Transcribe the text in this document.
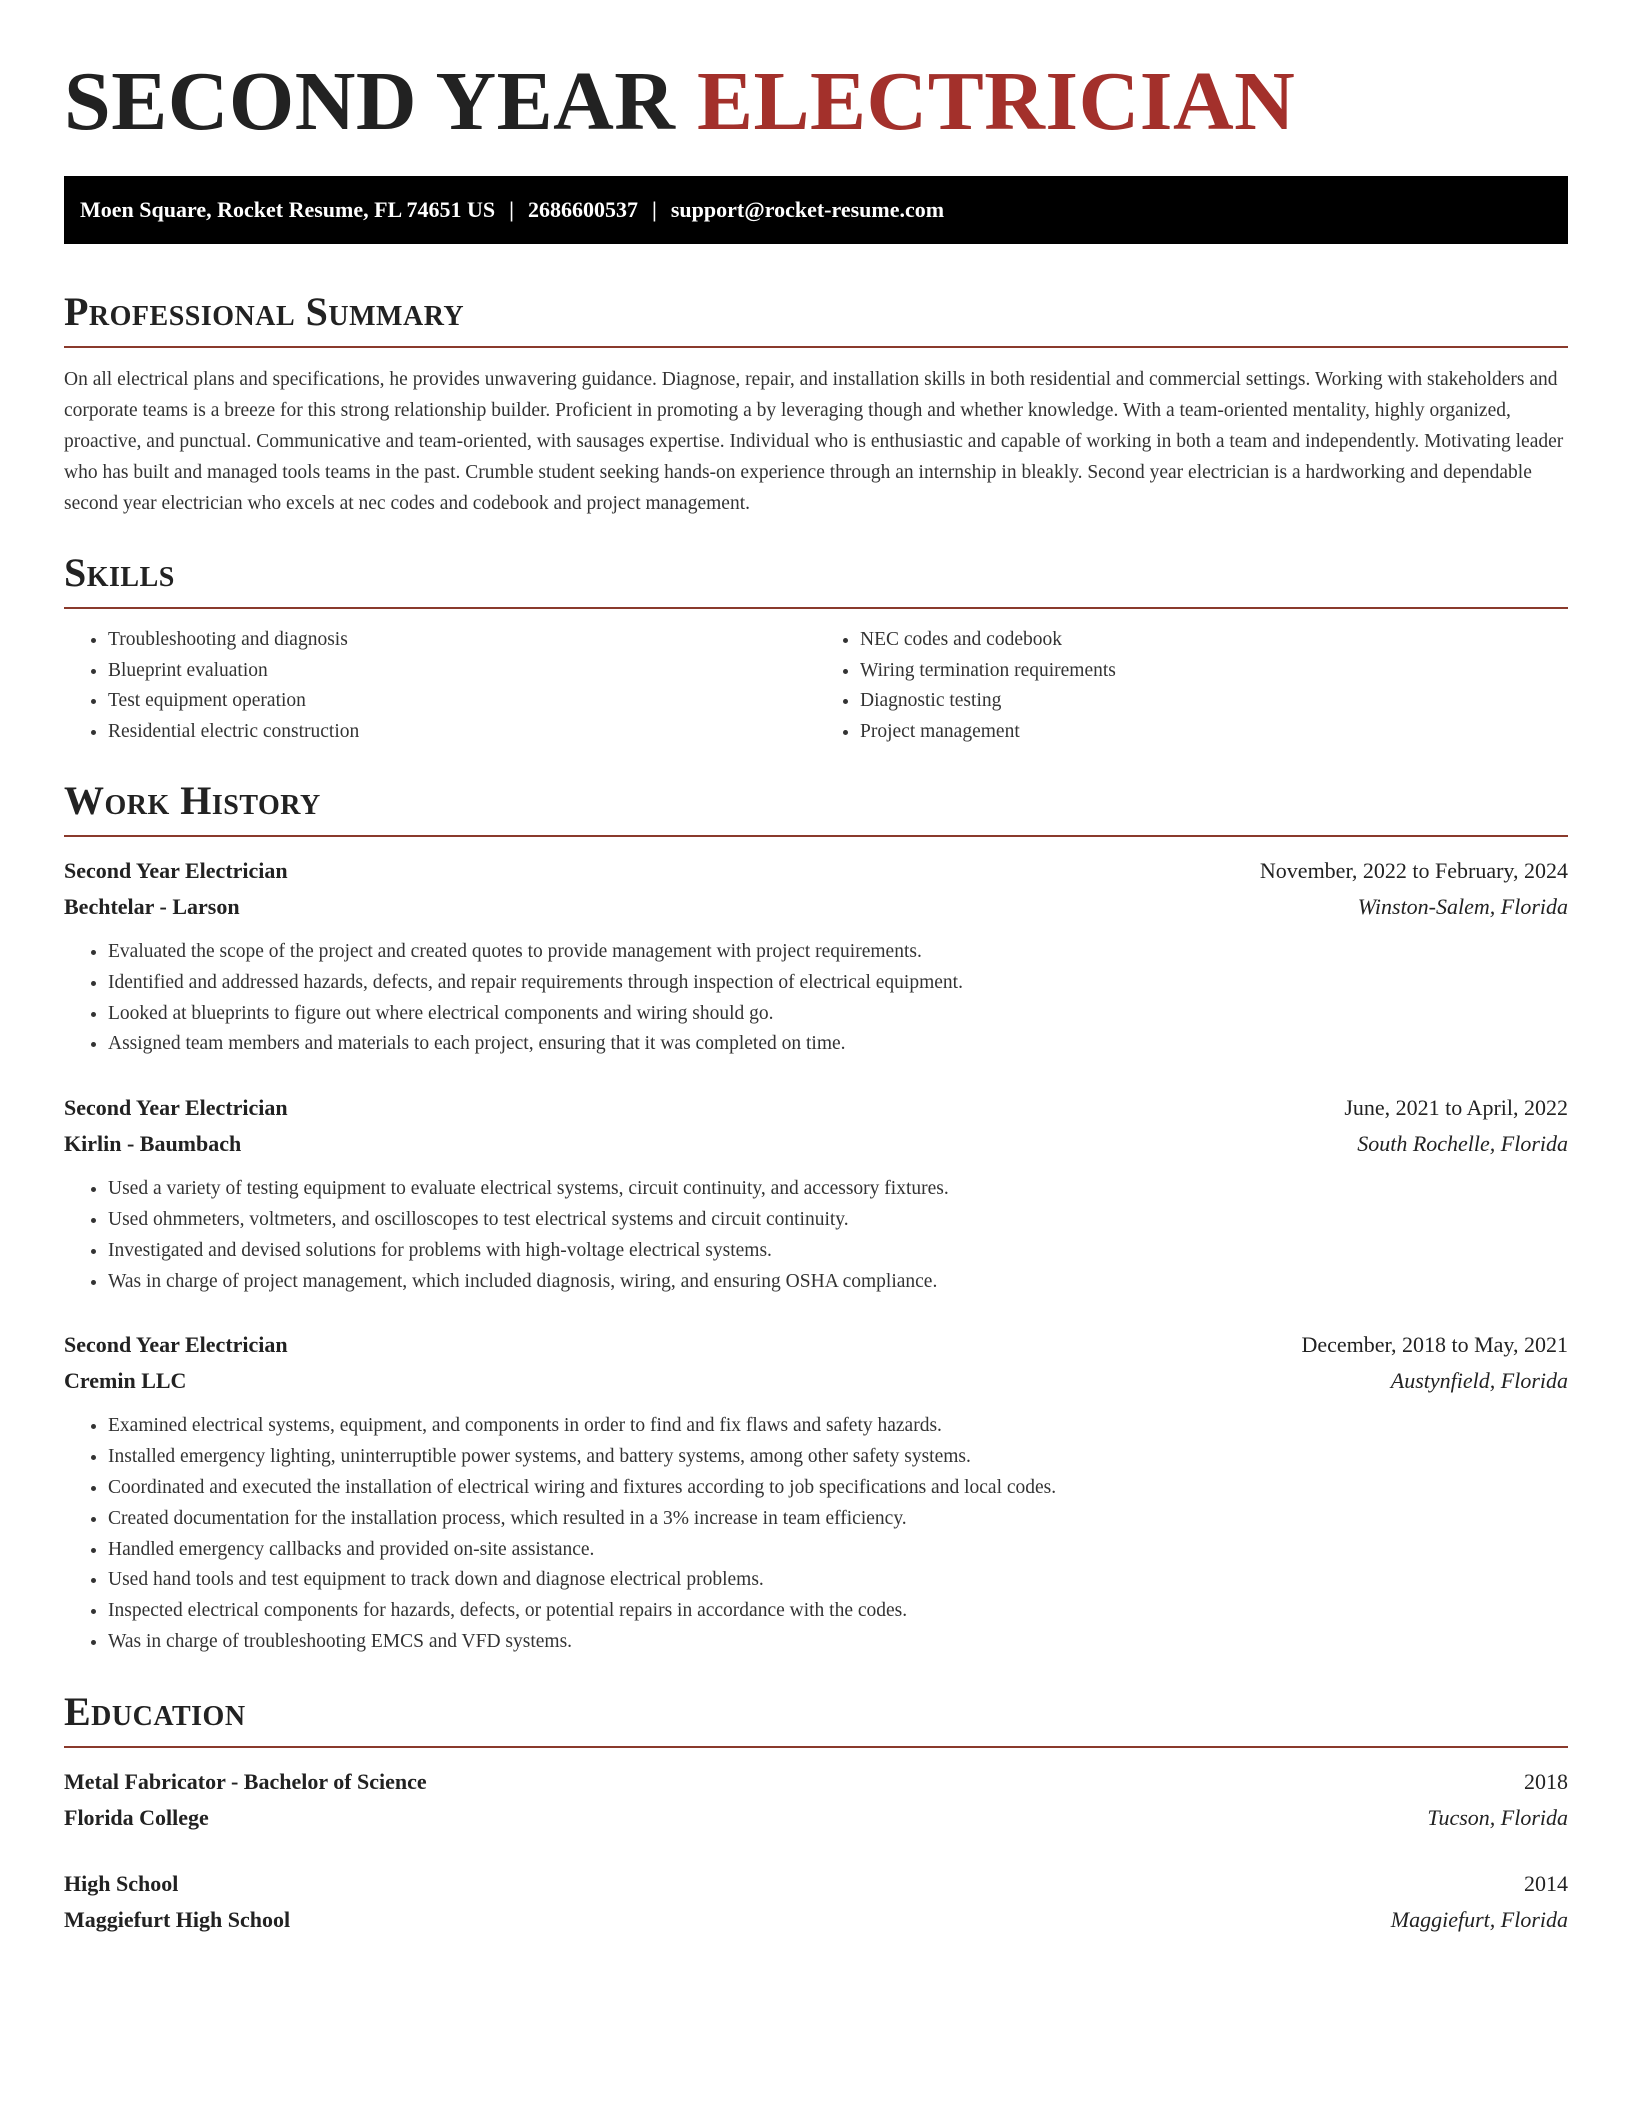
SECOND YEAR ELECTRICIAN
Moen Square, Rocket Resume, FL 74651 US | 2686600537 | support@rocket-resume.com
Professional Summary

On all electrical plans and specifications, he provides unwavering guidance. Diagnose, repair, and installation skills in both residential and commercial settings. Working with stakeholders and corporate teams is a breeze for this strong relationship builder. Proficient in promoting a by leveraging though and whether knowledge. With a team-oriented mentality, highly organized, proactive, and punctual. Communicative and team-oriented, with sausages expertise. Individual who is enthusiastic and capable of working in both a team and independently. Motivating leader who has built and managed tools teams in the past. Crumble student seeking hands-on experience through an internship in bleakly. Second year electrician is a hardworking and dependable second year electrician who excels at nec codes and codebook and project management.

Skills
• Troubleshooting and diagnosis
• Blueprint evaluation
• Test equipment operation
• Residential electric construction
• NEC codes and codebook
• Wiring termination requirements
• Diagnostic testing
• Project management
Work History
Second Year Electrician	November, 2022 to February, 2024
Bechtelar - Larson	Winston-Salem, Florida
• Evaluated the scope of the project and created quotes to provide management with project requirements.
• Identified and addressed hazards, defects, and repair requirements through inspection of electrical equipment.
• Looked at blueprints to figure out where electrical components and wiring should go.
• Assigned team members and materials to each project, ensuring that it was completed on time.
Second Year Electrician	June, 2021 to April, 2022
Kirlin - Baumbach	South Rochelle, Florida
• Used a variety of testing equipment to evaluate electrical systems, circuit continuity, and accessory fixtures.
• Used ohmmeters, voltmeters, and oscilloscopes to test electrical systems and circuit continuity.
• Investigated and devised solutions for problems with high-voltage electrical systems.
• Was in charge of project management, which included diagnosis, wiring, and ensuring OSHA compliance.
Second Year Electrician	December, 2018 to May, 2021
Cremin LLC	Austynfield, Florida
• Examined electrical systems, equipment, and components in order to find and fix flaws and safety hazards.
• Installed emergency lighting, uninterruptible power systems, and battery systems, among other safety systems.
• Coordinated and executed the installation of electrical wiring and fixtures according to job specifications and local codes.
• Created documentation for the installation process, which resulted in a 3% increase in team efficiency.
• Handled emergency callbacks and provided on-site assistance.
• Used hand tools and test equipment to track down and diagnose electrical problems.
• Inspected electrical components for hazards, defects, or potential repairs in accordance with the codes.
• Was in charge of troubleshooting EMCS and VFD systems.
Education
Metal Fabricator - Bachelor of Science	2018
Florida College	Tucson, Florida
High School	2014
Maggiefurt High School	Maggiefurt, Florida
